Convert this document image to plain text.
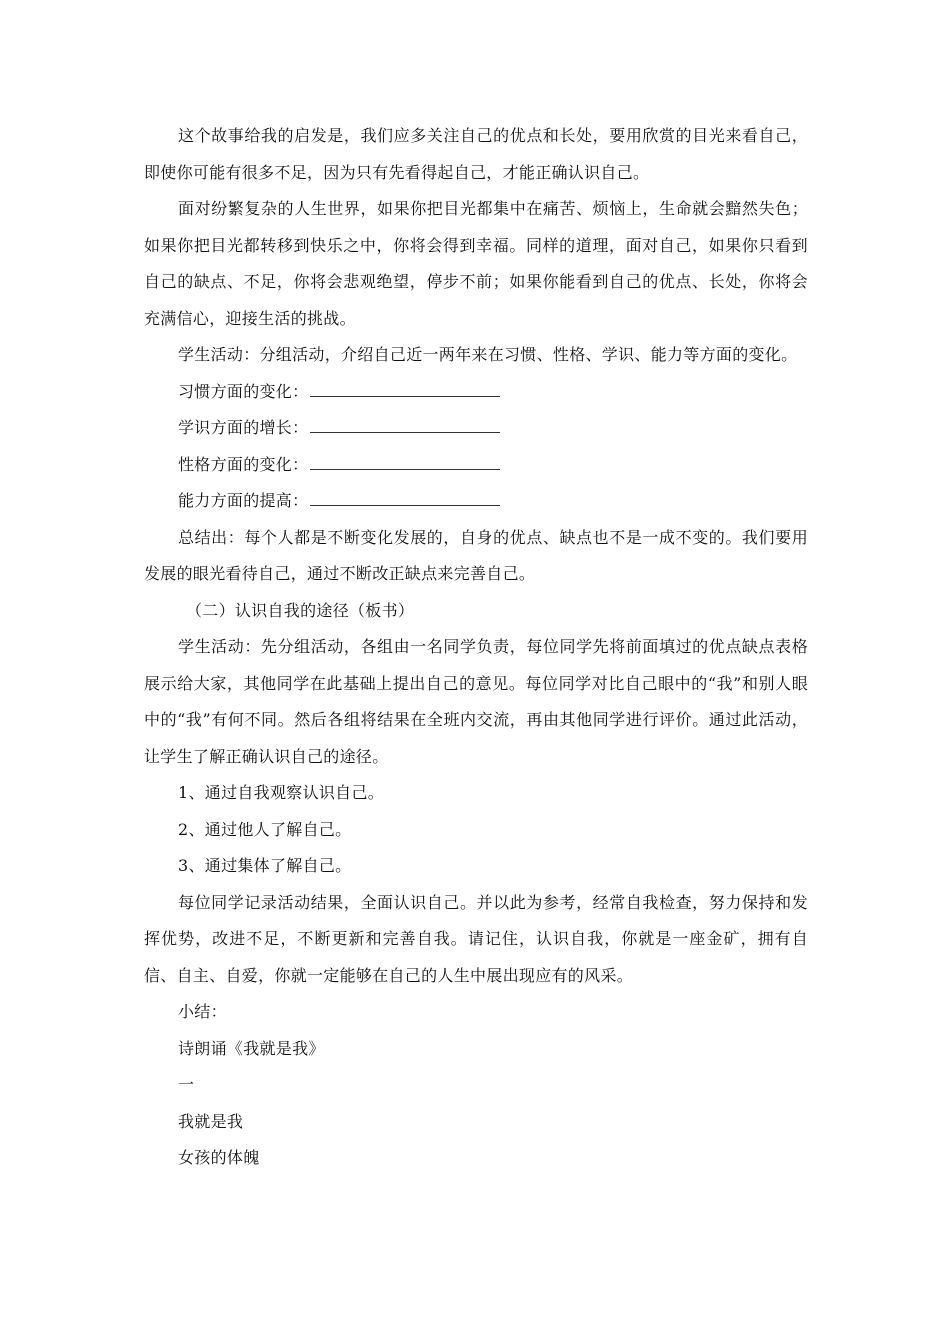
这个故事给我的启发是，我们应多关注自己的优点和长处，要用欣赏的目光来看自己，即使你可能有很多不足，因为只有先看得起自己，才能正确认识自己。

面对纷繁复杂的人生世界，如果你把目光都集中在痛苦、烦恼上，生命就会黯然失色；如果你把目光都转移到快乐之中，你将会得到幸福。同样的道理，面对自己，如果你只看到自己的缺点、不足，你将会悲观绝望，停步不前；如果你能看到自己的优点、长处，你将会充满信心，迎接生活的挑战。

学生活动：分组活动，介绍自己近一两年来在习惯、性格、学识、能力等方面的变化。

习惯方面的变化：
学识方面的增长：
性格方面的变化：
能力方面的提高：

总结出：每个人都是不断变化发展的，自身的优点、缺点也不是一成不变的。我们要用发展的眼光看待自己，通过不断改正缺点来完善自己。

（二）认识自我的途径（板书）

学生活动：先分组活动，各组由一名同学负责，每位同学先将前面填过的优点缺点表格展示给大家，其他同学在此基础上提出自己的意见。每位同学对比自己眼中的“我”和别人眼中的“我”有何不同。然后各组将结果在全班内交流，再由其他同学进行评价。通过此活动，让学生了解正确认识自己的途径。

1、通过自我观察认识自己。

2、通过他人了解自己。

3、通过集体了解自己。

每位同学记录活动结果，全面认识自己。并以此为参考，经常自我检查，努力保持和发挥优势，改进不足，不断更新和完善自我。请记住，认识自我，你就是一座金矿，拥有自信、自主、自爱，你就一定能够在自己的人生中展出现应有的风采。

小结：

诗朗诵《我就是我》

一

我就是我

女孩的体魄
